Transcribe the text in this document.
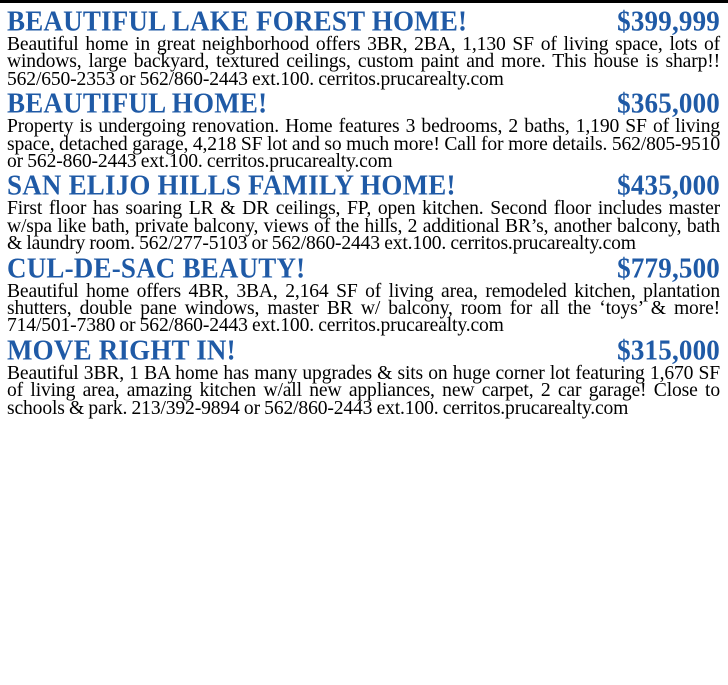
BEAUTIFUL LAKE FOREST HOME!	$399,999

Beautiful home in great neighborhood offers 3BR, 2BA, 1,130 SF of living space, lots of windows, large backyard, textured ceilings, custom paint and more. This house is sharp!! 562/650-2353 or 562/860-2443 ext.100. cerritos.prucarealty.com

BEAUTIFUL HOME!	$365,000

Property is undergoing renovation. Home features 3 bedrooms, 2 baths, 1,190 SF of living space, detached garage, 4,218 SF lot and so much more! Call for more details. 562/805-9510 or 562-860-2443 ext.100. cerritos.prucarealty.com

SAN ELIJO HILLS FAMILY HOME!	$435,000

First floor has soaring LR & DR ceilings, FP, open kitchen. Second floor includes master w/spa like bath, private balcony, views of the hills, 2 additional BR’s, another balcony, bath & laundry room. 562/277-5103 or 562/860-2443 ext.100. cerritos.prucarealty.com

CUL-DE-SAC BEAUTY!	$779,500

Beautiful home offers 4BR, 3BA, 2,164 SF of living area, remodeled kitchen, plantation shutters, double pane windows, master BR w/ balcony, room for all the ‘toys’ & more! 714/501-7380 or 562/860-2443 ext.100. cerritos.prucarealty.com

MOVE RIGHT IN!	$315,000

Beautiful 3BR, 1 BA home has many upgrades & sits on huge corner lot featuring 1,670 SF of living area, amazing kitchen w/all new appliances, new carpet, 2 car garage! Close to schools & park. 213/392-9894 or 562/860-2443 ext.100. cerritos.prucarealty.com
